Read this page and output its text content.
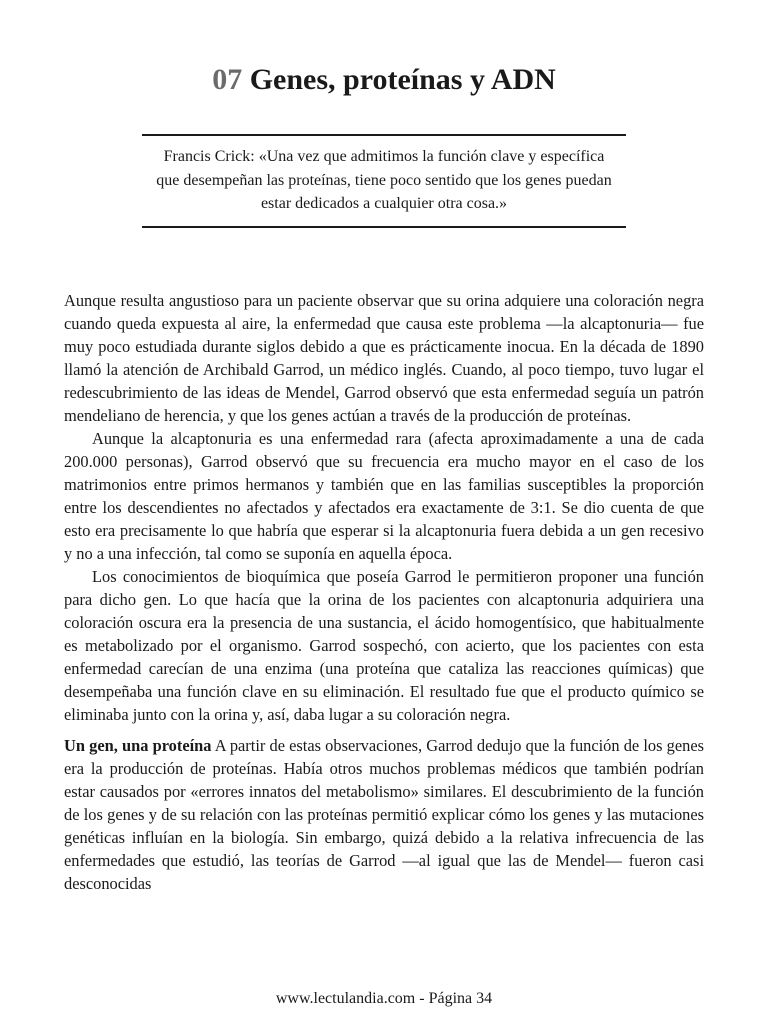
07 Genes, proteínas y ADN
Francis Crick: «Una vez que admitimos la función clave y específica que desempeñan las proteínas, tiene poco sentido que los genes puedan estar dedicados a cualquier otra cosa.»

Aunque resulta angustioso para un paciente observar que su orina adquiere una coloración negra cuando queda expuesta al aire, la enfermedad que causa este problema —la alcaptonuria— fue muy poco estudiada durante siglos debido a que es prácticamente inocua. En la década de 1890 llamó la atención de Archibald Garrod, un médico inglés. Cuando, al poco tiempo, tuvo lugar el redescubrimiento de las ideas de Mendel, Garrod observó que esta enfermedad seguía un patrón mendeliano de herencia, y que los genes actúan a través de la producción de proteínas.

Aunque la alcaptonuria es una enfermedad rara (afecta aproximadamente a una de cada 200.000 personas), Garrod observó que su frecuencia era mucho mayor en el caso de los matrimonios entre primos hermanos y también que en las familias susceptibles la proporción entre los descendientes no afectados y afectados era exactamente de 3:1. Se dio cuenta de que esto era precisamente lo que habría que esperar si la alcaptonuria fuera debida a un gen recesivo y no a una infección, tal como se suponía en aquella época.

Los conocimientos de bioquímica que poseía Garrod le permitieron proponer una función para dicho gen. Lo que hacía que la orina de los pacientes con alcaptonuria adquiriera una coloración oscura era la presencia de una sustancia, el ácido homogentísico, que habitualmente es metabolizado por el organismo. Garrod sospechó, con acierto, que los pacientes con esta enfermedad carecían de una enzima (una proteína que cataliza las reacciones químicas) que desempeñaba una función clave en su eliminación. El resultado fue que el producto químico se eliminaba junto con la orina y, así, daba lugar a su coloración negra.

Un gen, una proteína A partir de estas observaciones, Garrod dedujo que la función de los genes era la producción de proteínas. Había otros muchos problemas médicos que también podrían estar causados por «errores innatos del metabolismo» similares. El descubrimiento de la función de los genes y de su relación con las proteínas permitió explicar cómo los genes y las mutaciones genéticas influían en la biología. Sin embargo, quizá debido a la relativa infrecuencia de las enfermedades que estudió, las teorías de Garrod —al igual que las de Mendel— fueron casi desconocidas

www.lectulandia.com - Página 34
